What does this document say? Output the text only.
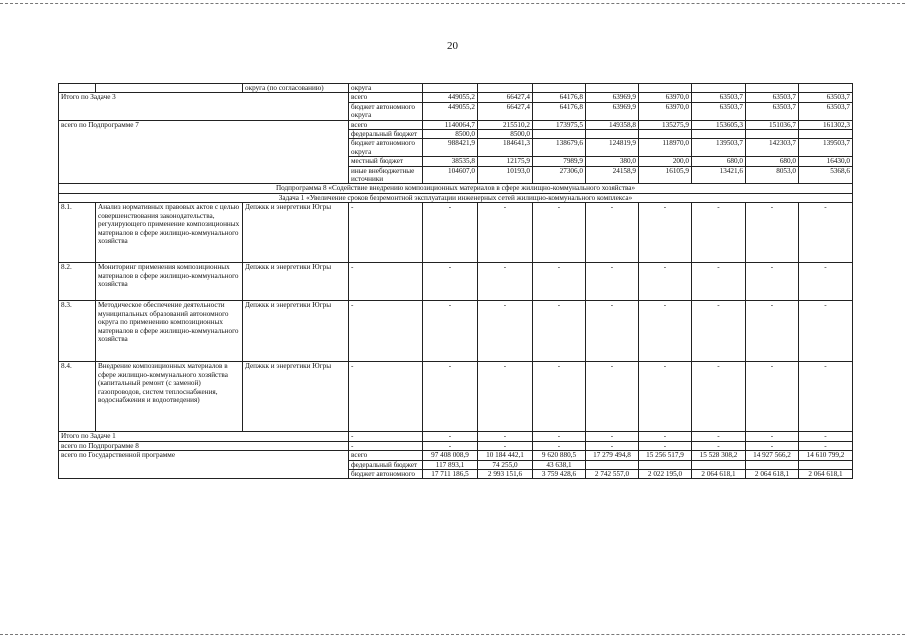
20
		округа (по согласованию)	округа								
Итого по Задаче 3			всего	449055,2	66427,4	64176,8	63969,9	63970,0	63503,7	63503,7	63503,7
			бюджет автономного округа	449055,2	66427,4	64176,8	63969,9	63970,0	63503,7	63503,7	63503,7
всего по Подпрограмме 7			всего	1140064,7	215510,2	173975,5	149358,8	135275,9	153605,3	151036,7	161302,3
			федеральный бюджет	8500,0	8500,0						
			бюджет автономного округа	988421,9	184641,3	138679,6	124819,9	118970,0	139503,7	142303,7	139503,7
			местный бюджет	38535,8	12175,9	7989,9	380,0	200,0	680,0	680,0	16430,0
			иные внебюджетные источники	104607,0	10193,0	27306,0	24158,9	16105,9	13421,6	8053,0	5368,6
Подпрограмма 8 «Содействие внедрению композиционных материалов в сфере жилищно-коммунального хозяйства»											
Задача 1 «Увеличение сроков безремонтной эксплуатации инженерных сетей жилищно-коммунального комплекса»											
8.1.	Анализ нормативных правовых актов с целью совершенствования законодательства, регулирующего применение композиционных материалов в сфере жилищно-коммунального хозяйства	Депжкк и энергетики Югры	-	-	-	-	-	-	-	-	-
8.2.	Мониторинг применения композиционных материалов в сфере жилищно-коммунального хозяйства	Депжкк и энергетики Югры	-	-	-	-	-	-	-	-	-
8.3.	Методическое обеспечение деятельности муниципальных образований автономного округа по применению композиционных материалов в сфере жилищно-коммунального хозяйства	Депжкк и энергетики Югры	-	-	-	-	-	-	-	-	-
8.4.	Внедрение композиционных материалов в сфере жилищно-коммунального хозяйства (капитальный ремонт (с заменой) газопроводов, систем теплоснабжения, водоснабжения и водоотведения)	Депжкк и энергетики Югры	-	-	-	-	-	-	-	-	-
Итого по Задаче 1			-	-	-	-	-	-	-	-	-
всего по Подпрограмме 8			-	-	-	-	-	-	-	-	-
всего по Государственной программе			всего	97 408 008,9	10 184 442,1	9 620 880,5	17 279 494,8	15 256 517,9	15 528 308,2	14 927 566,2	14 610 799,2
			федеральный бюджет	117 893,1	74 255,0	43 638,1					
			бюджет автономного	17 711 186,5	2 993 151,6	3 759 428,6	2 742 557,0	2 022 195,0	2 064 618,1	2 064 618,1	2 064 618,1
